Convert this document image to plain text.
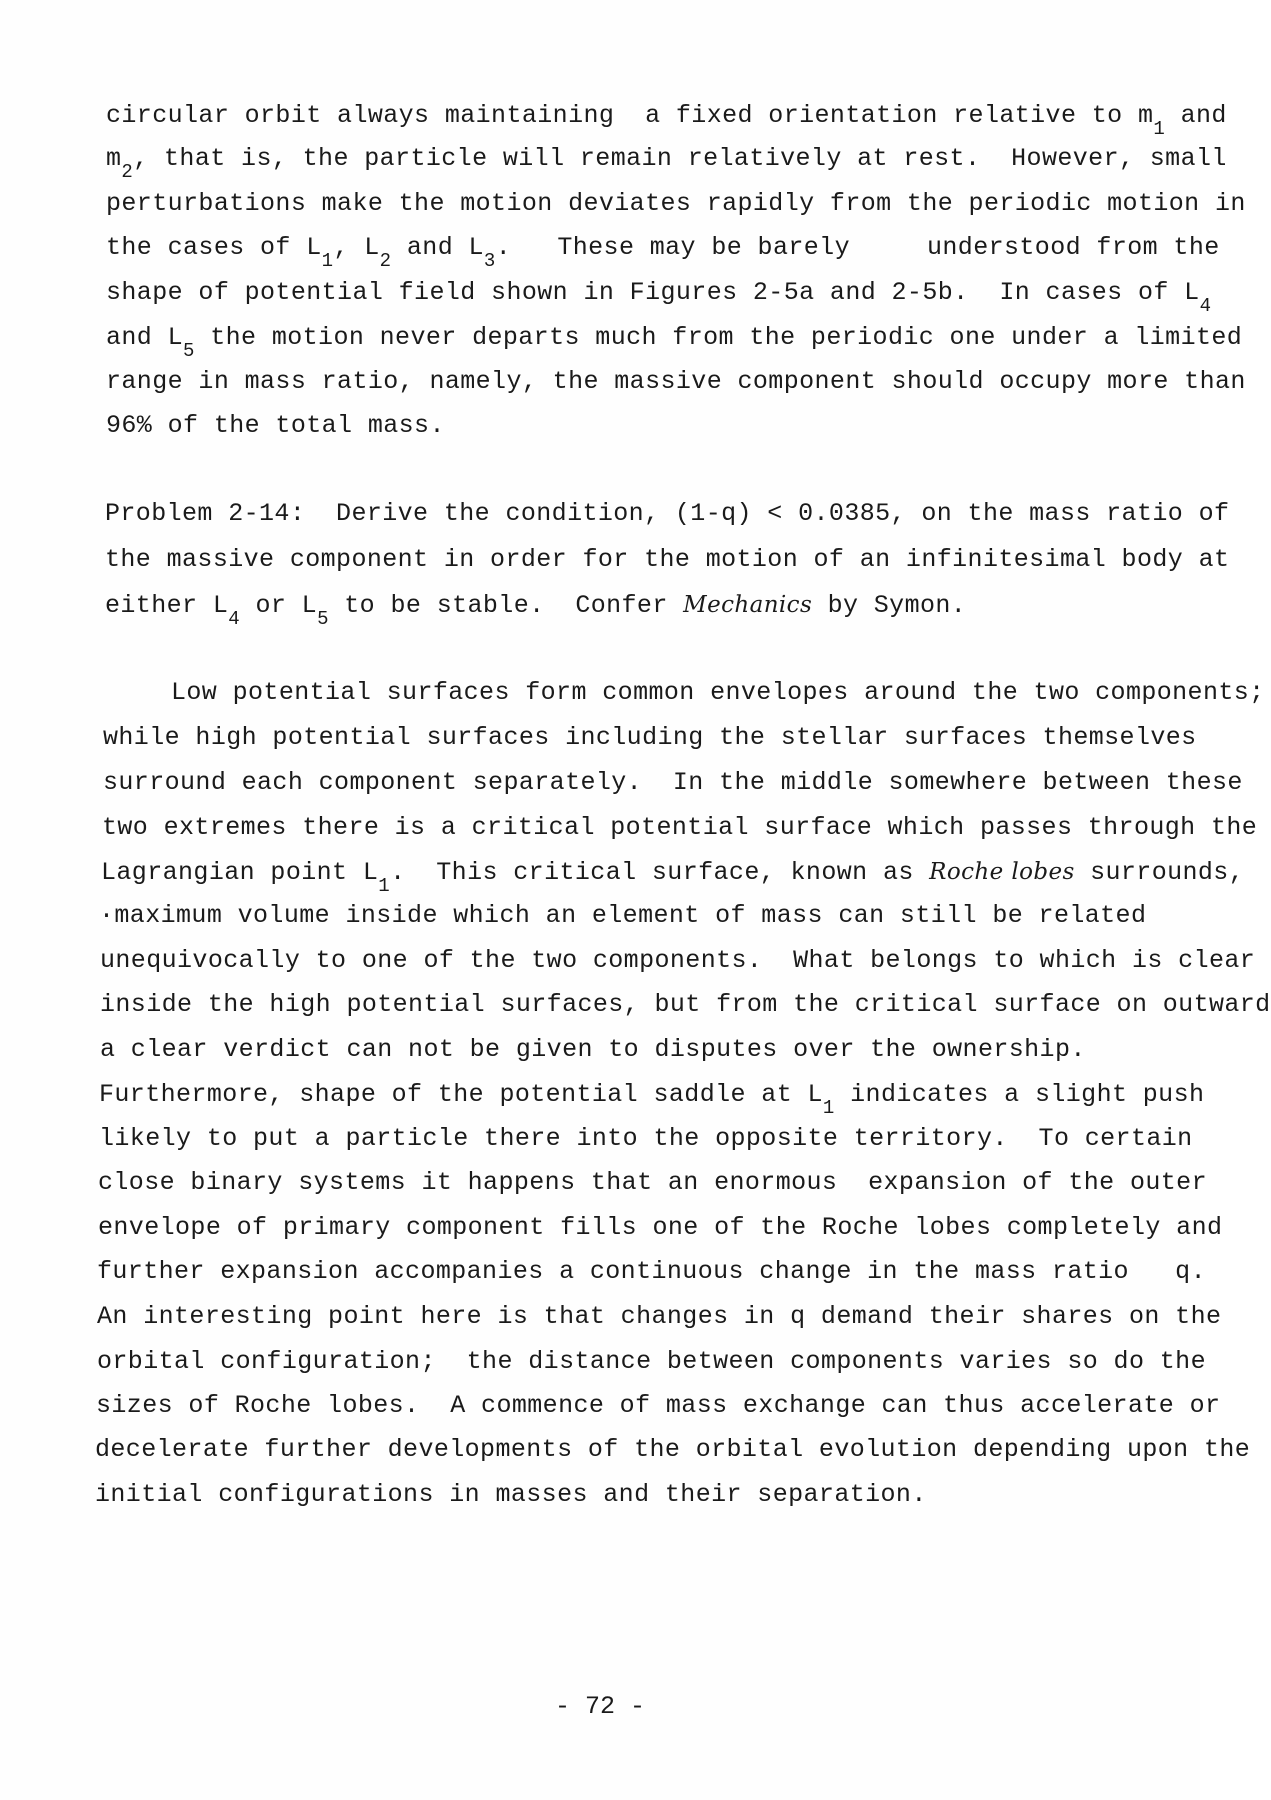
circular orbit always maintaining  a fixed orientation relative to $m_1$ and
$m_2$, that is, the particle will remain relatively at rest.  However, small
perturbations make the motion deviates rapidly from the periodic motion in
the cases of $L_1$, $L_2$ and $L_3$.   These may be barely     understood from the
shape of potential field shown in Figures 2-5a and 2-5b.  In cases of $L_4$
and $L_5$ the motion never departs much from the periodic one under a limited
range in mass ratio, namely, the massive component should occupy more than
96% of the total mass.
Problem 2-14:  Derive the condition, (1-q) < 0.0385, on the mass ratio of
the massive component in order for the motion of an infinitesimal body at
either $L_4$ or $L_5$ to be stable.  Confer Mechanics by Symon.
Low potential surfaces form common envelopes around the two components;
while high potential surfaces including the stellar surfaces themselves
surround each component separately.  In the middle somewhere between these
two extremes there is a critical potential surface which passes through the
Lagrangian point $L_1$.  This critical surface, known as Roche lobes surrounds,
·maximum volume inside which an element of mass can still be related
unequivocally to one of the two components.  What belongs to which is clear
inside the high potential surfaces, but from the critical surface on outward
a clear verdict can not be given to disputes over the ownership.
Furthermore, shape of the potential saddle at $L_1$ indicates a slight push
likely to put a particle there into the opposite territory.  To certain
close binary systems it happens that an enormous  expansion of the outer
envelope of primary component fills one of the Roche lobes completely and
further expansion accompanies a continuous change in the mass ratio   q.
An interesting point here is that changes in q demand their shares on the
orbital configuration;  the distance between components varies so do the
sizes of Roche lobes.  A commence of mass exchange can thus accelerate or
decelerate further developments of the orbital evolution depending upon the
initial configurations in masses and their separation.
- 72 -
